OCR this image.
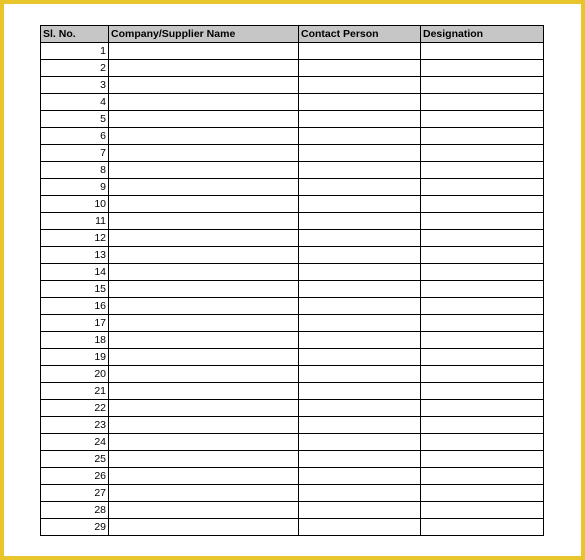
Sl. No.	Company/Supplier Name	Contact Person	Designation
1			
2			
3			
4			
5			
6			
7			
8			
9			
10			
11			
12			
13			
14			
15			
16			
17			
18			
19			
20			
21			
22			
23			
24			
25			
26			
27			
28			
29			
